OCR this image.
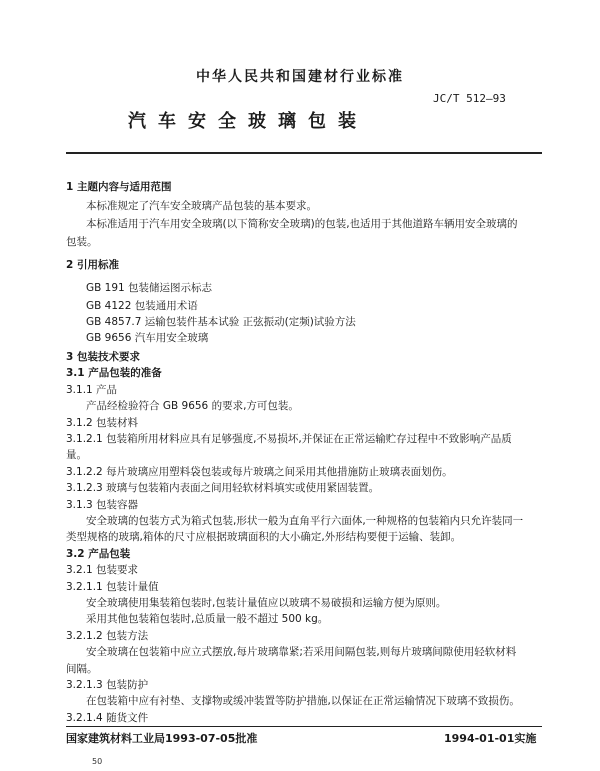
中华人民共和国建材行业标准
JC/T 512—93
汽车安全玻璃包装
1 主题内容与适用范围
本标准规定了汽车安全玻璃产品包装的基本要求。
本标准适用于汽车用安全玻璃(以下简称安全玻璃)的包装,也适用于其他道路车辆用安全玻璃的
包装。
2 引用标准
GB 191 包装储运图示标志
GB 4122 包装通用术语
GB 4857.7 运输包装件基本试验 正弦振动(定频)试验方法
GB 9656 汽车用安全玻璃
3 包装技术要求
3.1 产品包装的准备
3.1.1 产品
产品经检验符合 GB 9656 的要求,方可包装。
3.1.2 包装材料
3.1.2.1 包装箱所用材料应具有足够强度,不易损坏,并保证在正常运输贮存过程中不致影响产品质
量。
3.1.2.2 每片玻璃应用塑料袋包装或每片玻璃之间采用其他措施防止玻璃表面划伤。
3.1.2.3 玻璃与包装箱内表面之间用轻软材料填实或使用紧固装置。
3.1.3 包装容器
安全玻璃的包装方式为箱式包装,形状一般为直角平行六面体,一种规格的包装箱内只允许装同一
类型规格的玻璃,箱体的尺寸应根据玻璃面积的大小确定,外形结构要便于运输、装卸。
3.2 产品包装
3.2.1 包装要求
3.2.1.1 包装计量值
安全玻璃使用集装箱包装时,包装计量值应以玻璃不易破损和运输方便为原则。
采用其他包装箱包装时,总质量一般不超过 500 kg。
3.2.1.2 包装方法
安全玻璃在包装箱中应立式摆放,每片玻璃靠紧;若采用间隔包装,则每片玻璃间隙使用轻软材料
间隔。
3.2.1.3 包装防护
在包装箱中应有衬垫、支撑物或缓冲装置等防护措施,以保证在正常运输情况下玻璃不致损伤。
3.2.1.4 随货文件
国家建筑材料工业局1993-07-05批准	1994-01-01实施
50
